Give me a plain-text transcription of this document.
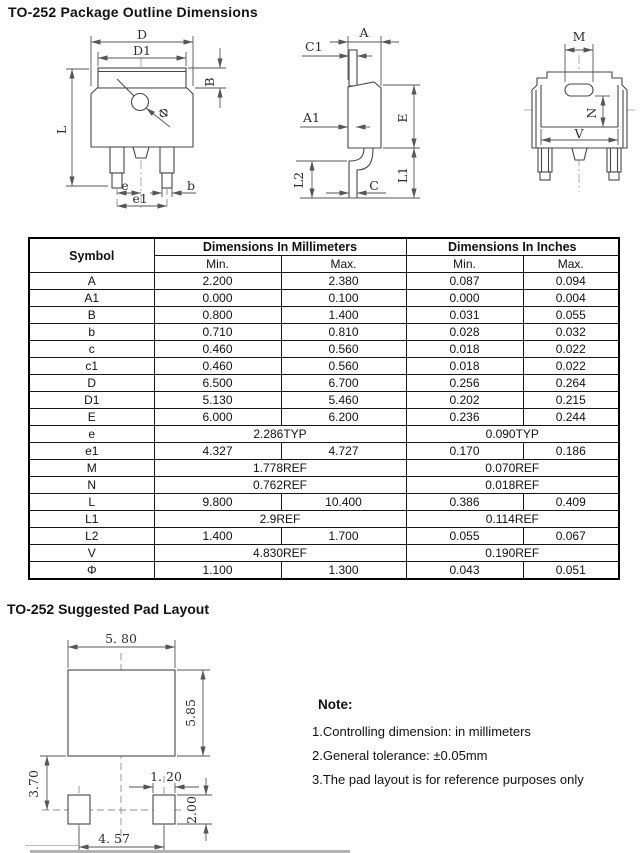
TO-252 Package Outline Dimensions
Φ
D
D1
B
L
e
e1
b
A
C1
A1
L2	C
E
L1
M
N
V
Symbol	Dimensions In Millimeters		Dimensions In Inches	
	Min.	Max.	Min.	Max.
A	2.200	2.380	0.087	0.094
A1	0.000	0.100	0.000	0.004
B	0.800	1.400	0.031	0.055
b	0.710	0.810	0.028	0.032
c	0.460	0.560	0.018	0.022
c1	0.460	0.560	0.018	0.022
D	6.500	6.700	0.256	0.264
D1	5.130	5.460	0.202	0.215
E	6.000	6.200	0.236	0.244
e	2.286TYP		0.090TYP	
e1	4.327	4.727	0.170	0.186
M	1.778REF		0.070REF	
N	0.762REF		0.018REF	
L	9.800	10.400	0.386	0.409
L1	2.9REF		0.114REF	
L2	1.400	1.700	0.055	0.067
V	4.830REF		0.190REF	
Φ	1.100	1.300	0.043	0.051
TO-252 Suggested Pad Layout
5. 80
5.85
3.70	1. 20
2.00
4. 57
Note:
1.Controlling dimension: in millimeters
2.General tolerance: ±0.05mm
3.The pad layout is for reference purposes only
